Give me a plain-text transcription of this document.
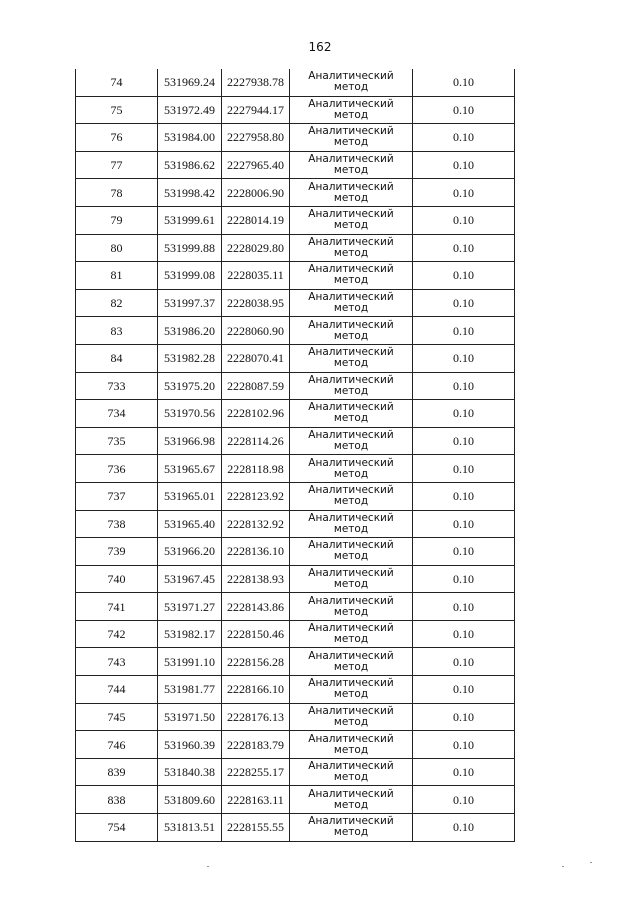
162
74	531969.24	2227938.78	Аналитический метод	0.10
75	531972.49	2227944.17	Аналитический метод	0.10
76	531984.00	2227958.80	Аналитический метод	0.10
77	531986.62	2227965.40	Аналитический метод	0.10
78	531998.42	2228006.90	Аналитический метод	0.10
79	531999.61	2228014.19	Аналитический метод	0.10
80	531999.88	2228029.80	Аналитический метод	0.10
81	531999.08	2228035.11	Аналитический метод	0.10
82	531997.37	2228038.95	Аналитический метод	0.10
83	531986.20	2228060.90	Аналитический метод	0.10
84	531982.28	2228070.41	Аналитический метод	0.10
733	531975.20	2228087.59	Аналитический метод	0.10
734	531970.56	2228102.96	Аналитический метод	0.10
735	531966.98	2228114.26	Аналитический метод	0.10
736	531965.67	2228118.98	Аналитический метод	0.10
737	531965.01	2228123.92	Аналитический метод	0.10
738	531965.40	2228132.92	Аналитический метод	0.10
739	531966.20	2228136.10	Аналитический метод	0.10
740	531967.45	2228138.93	Аналитический метод	0.10
741	531971.27	2228143.86	Аналитический метод	0.10
742	531982.17	2228150.46	Аналитический метод	0.10
743	531991.10	2228156.28	Аналитический метод	0.10
744	531981.77	2228166.10	Аналитический метод	0.10
745	531971.50	2228176.13	Аналитический метод	0.10
746	531960.39	2228183.79	Аналитический метод	0.10
839	531840.38	2228255.17	Аналитический метод	0.10
838	531809.60	2228163.11	Аналитический метод	0.10
754	531813.51	2228155.55	Аналитический метод	0.10
